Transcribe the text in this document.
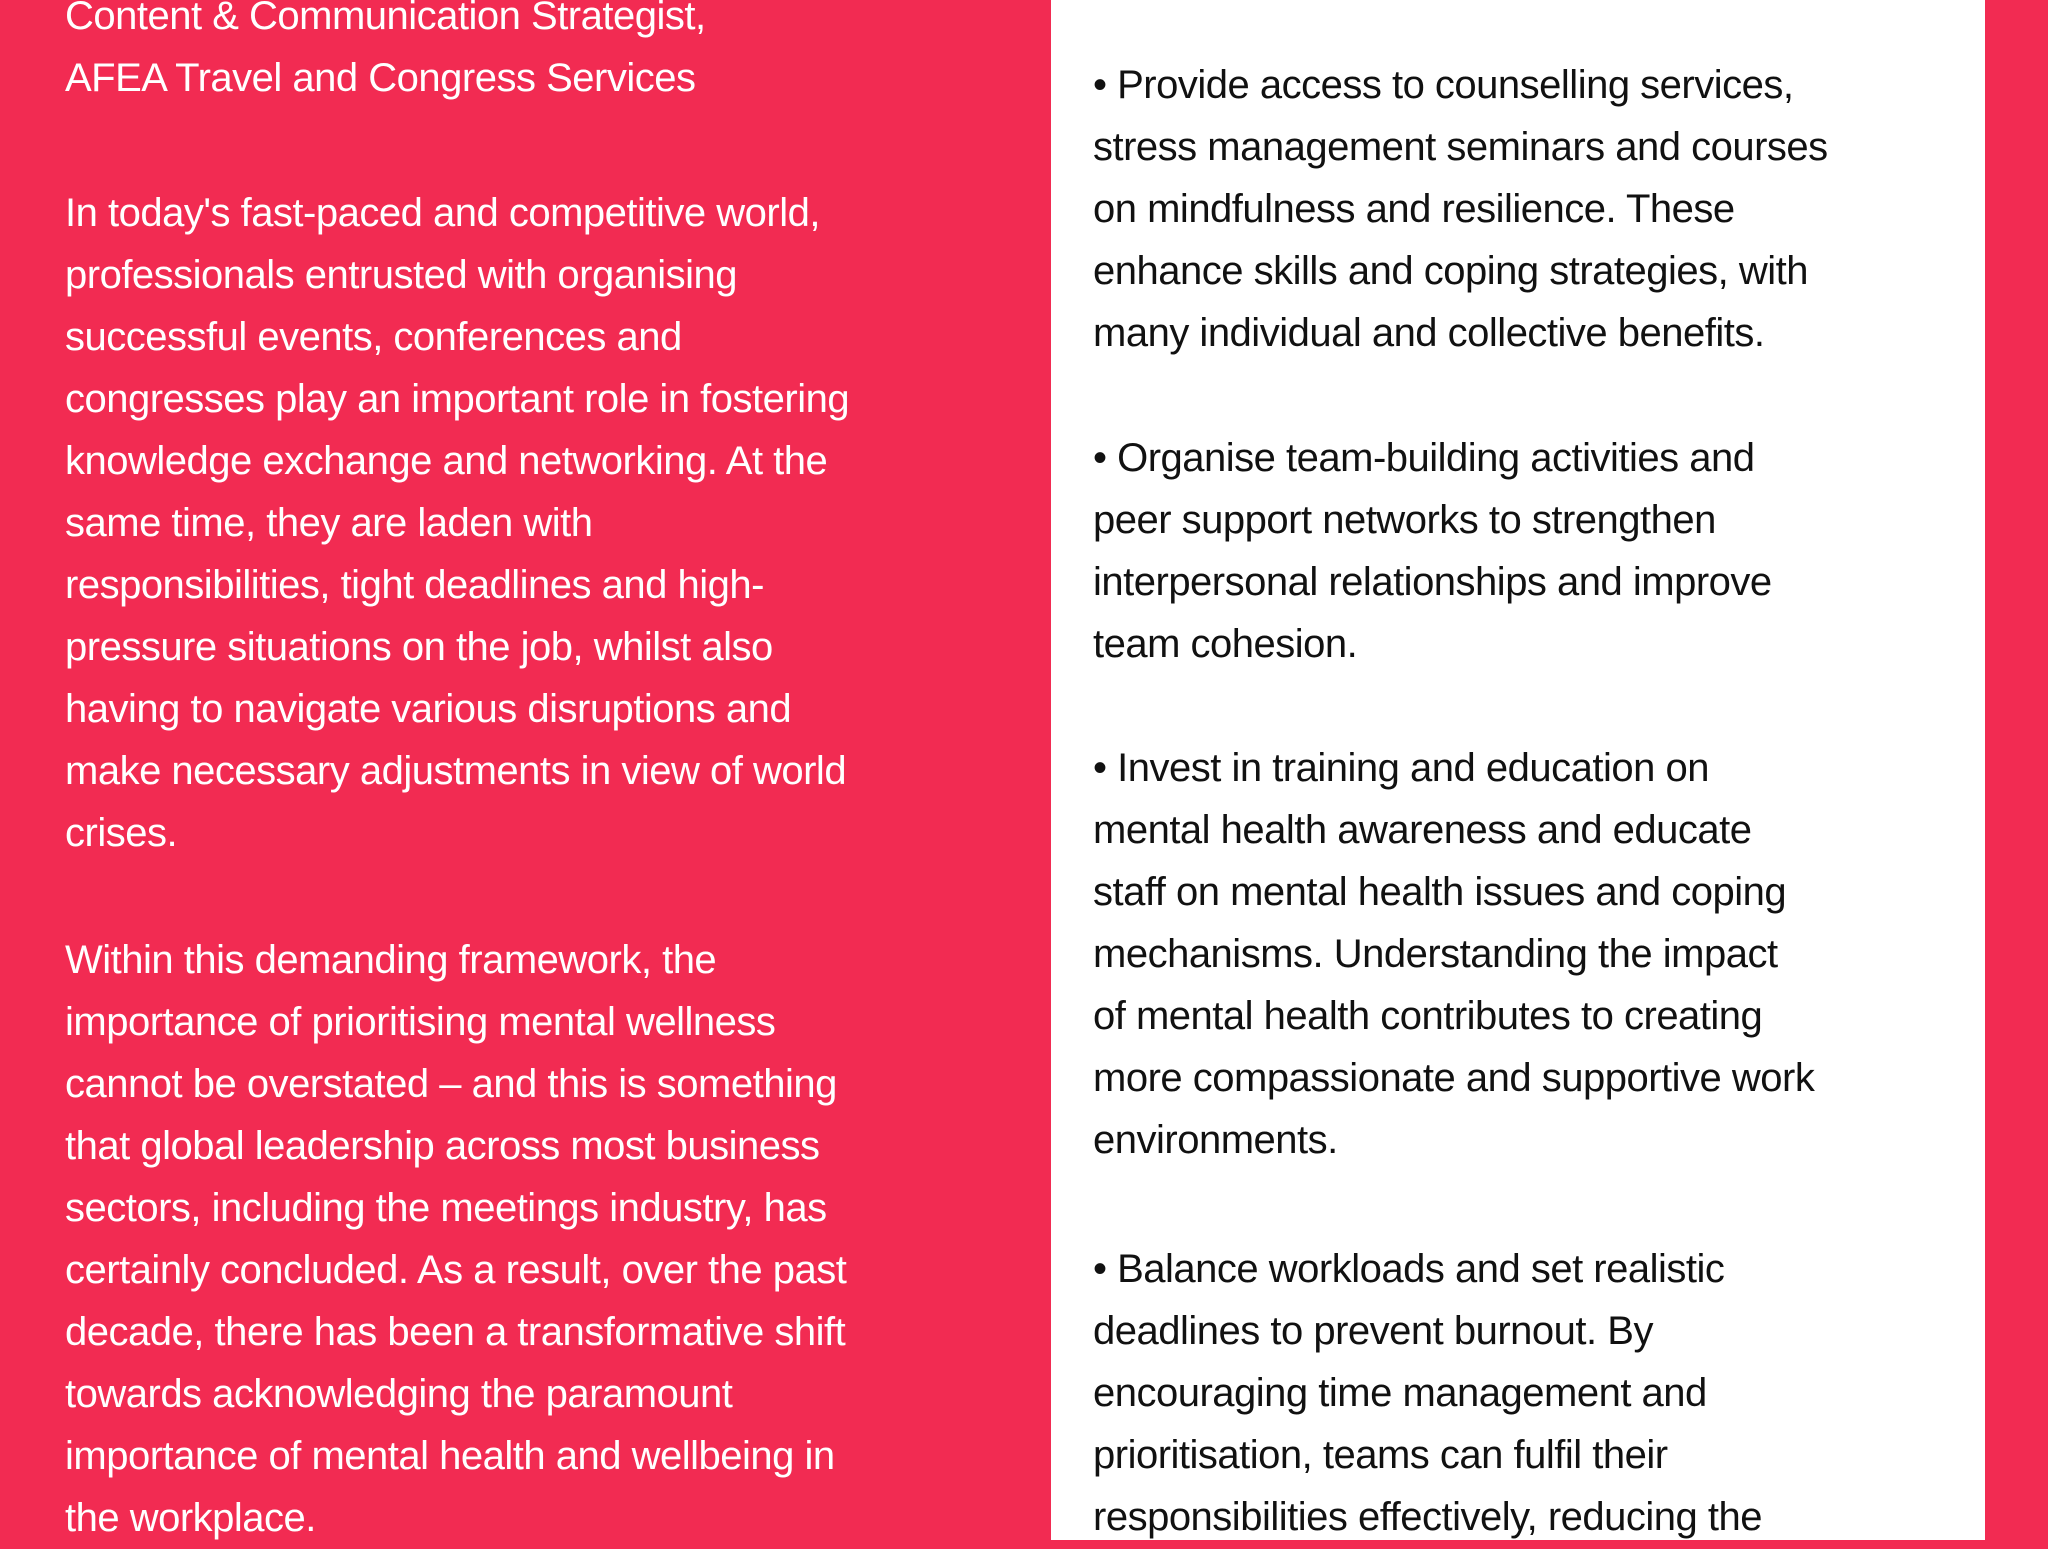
Content & Communication Strategist,
AFEA Travel and Congress Services
In today's fast-paced and competitive world,
professionals entrusted with organising
successful events, conferences and
congresses play an important role in fostering
knowledge exchange and networking. At the
same time, they are laden with
responsibilities, tight deadlines and high-
pressure situations on the job, whilst also
having to navigate various disruptions and
make necessary adjustments in view of world
crises.
Within this demanding framework, the
importance of prioritising mental wellness
cannot be overstated – and this is something
that global leadership across most business
sectors, including the meetings industry, has
certainly concluded. As a result, over the past
decade, there has been a transformative shift
towards acknowledging the paramount
importance of mental health and wellbeing in
the workplace.
• Provide access to counselling services,
stress management seminars and courses
on mindfulness and resilience. These
enhance skills and coping strategies, with
many individual and collective benefits.
• Organise team-building activities and
peer support networks to strengthen
interpersonal relationships and improve
team cohesion.
• Invest in training and education on
mental health awareness and educate
staff on mental health issues and coping
mechanisms. Understanding the impact
of mental health contributes to creating
more compassionate and supportive work
environments.
• Balance workloads and set realistic
deadlines to prevent burnout. By
encouraging time management and
prioritisation, teams can fulfil their
responsibilities effectively, reducing the
